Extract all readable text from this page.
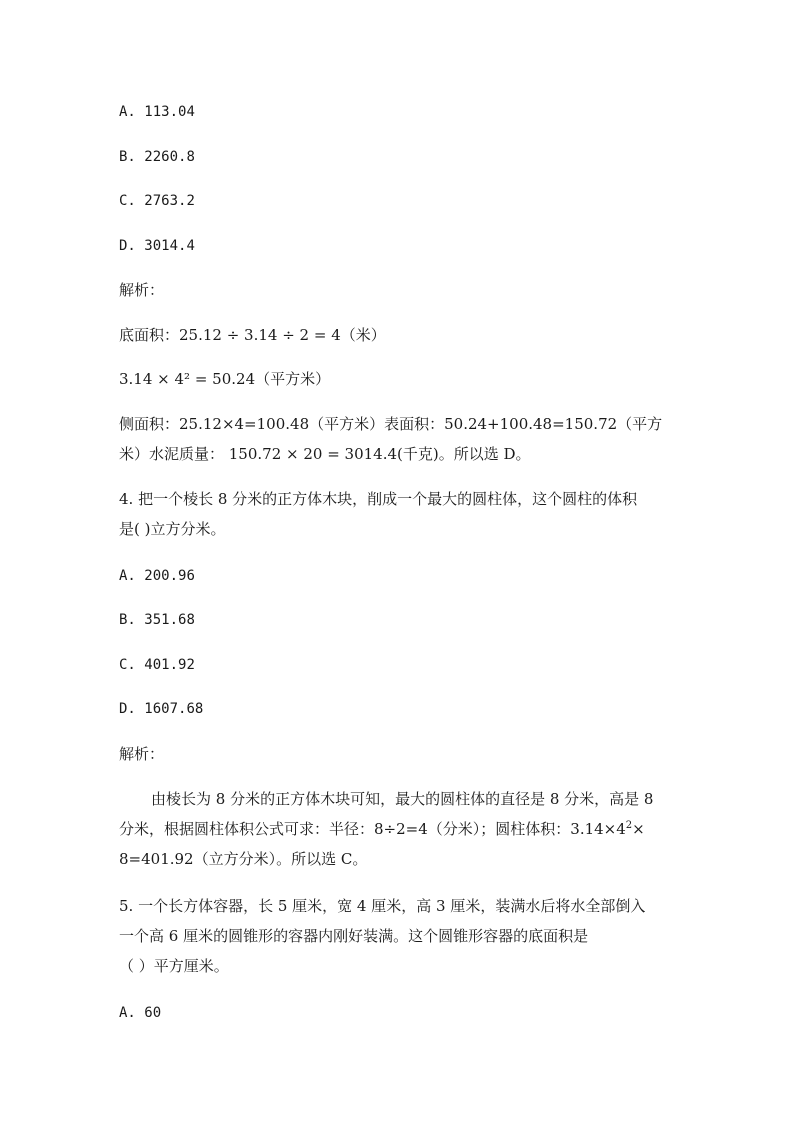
A. 113.04
B. 2260.8
C. 2763.2
D. 3014.4
解析：
底面积：25.12 ÷ 3.14 ÷ 2 = 4（米）
3.14 × 4² = 50.24（平方米）
侧面积：25.12×4=100.48（平方米）表面积：50.24+100.48=150.72（平方
米）水泥质量： 150.72 × 20 = 3014.4(千克)。所以选 D。
4. 把一个棱长 8 分米的正方体木块，削成一个最大的圆柱体，这个圆柱的体积
是( )立方分米。
A. 200.96
B. 351.68
C. 401.92
D. 1607.68
解析：
由棱长为 8 分米的正方体木块可知，最大的圆柱体的直径是 8 分米，高是 8
分米，根据圆柱体积公式可求：半径：8÷2=4（分米）；圆柱体积：$3.14\times 4^2\times$
8=401.92（立方分米）。所以选 C。
5. 一个长方体容器，长 5 厘米，宽 4 厘米，高 3 厘米，装满水后将水全部倒入
一个高 6 厘米的圆锥形的容器内刚好装满。这个圆锥形容器的底面积是
（ ）平方厘米。
A. 60
